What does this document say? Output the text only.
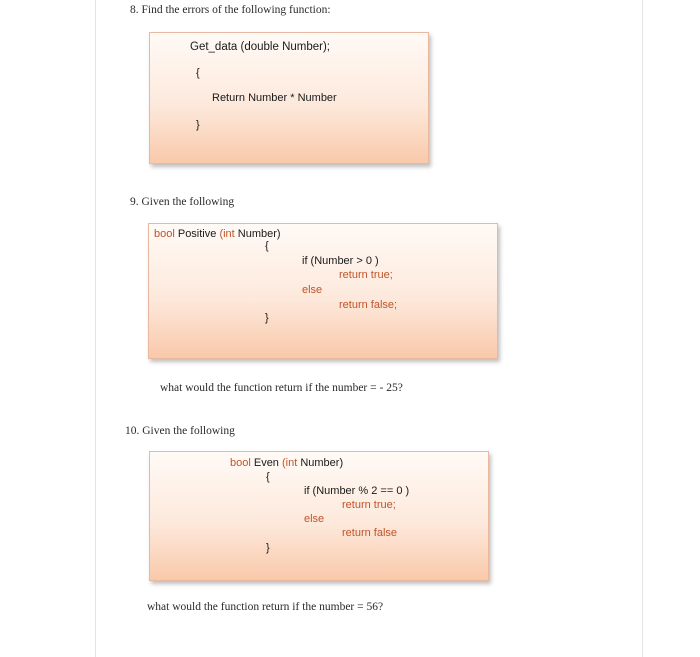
8. Find the errors of the following function:
Get_data (double Number);
{
Return Number * Number
}
9. Given the following
bool Positive (int Number)
{
if (Number > 0 )
return true;
else
return false;
}
what would the function return if the number = - 25?
10. Given the following
bool Even (int Number)
{
if (Number % 2 == 0 )
return true;
else
return false
}
what would the function return if the number = 56?
